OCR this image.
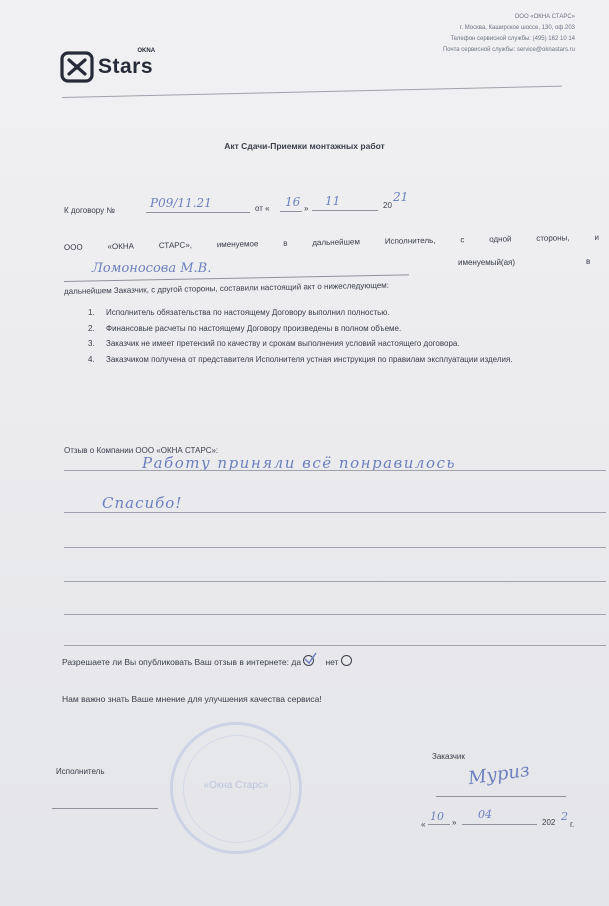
Stars
OKNA
ООО «ОКНА СТАРС»
г. Москва, Каширское шоссе, 130, оф.203
Телефон сервисной службы: (495) 162 10 14
Почта сервисной службы: service@oknastars.ru
Акт Сдачи-Приемки монтажных работ
К договору №
Р09/11.21	от « 16 »
11	20
21
ООО «ОКНА СТАРС», именуемое в дальнейшем Исполнитель, с одной стороны, и
Ломоносова М.В.	именуемый(ая)	в
дальнейшем Заказчик, с другой стороны, составили настоящий акт о нижеследующем:
1. Исполнитель обязательства по настоящему Договору выполнил полностью.
2. Финансовые расчеты по настоящему Договору произведены в полном объеме.
3. Заказчик не имеет претензий по качеству и срокам выполнения условий настоящего договора.
4. Заказчиком получена от представителя Исполнителя устная инструкция по правилам эксплуатации изделия.
Отзыв о Компании ООО «ОКНА СТАРС»:
Работу приняли всё понравилось
Спасибо!
Разрешаете ли Вы опубликовать Ваш отзыв в интернете: да	нет
Нам важно знать Ваше мнение для улучшения качества сервиса!
Исполнитель
«Окна Старс»
Заказчик
Муриз
«
10 »
04
202 2
г.
